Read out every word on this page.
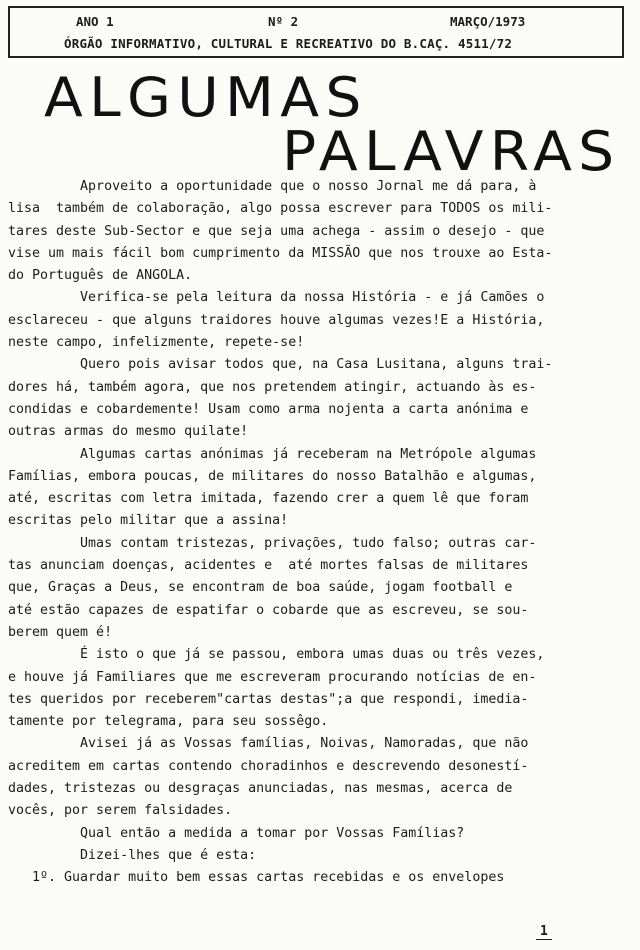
ANO 1	Nº 2	MARÇO/1973
ÓRGÃO INFORMATIVO, CULTURAL E RECREATIVO DO B.CAÇ. 4511/72
ALGUMAS
PALAVRAS
Aproveito a oportunidade que o nosso Jornal me dá para, à
lisa  também de colaboração, algo possa escrever para TODOS os mili-
tares deste Sub-Sector e que seja uma achega - assim o desejo - que
vise um mais fácil bom cumprimento da MISSÃO que nos trouxe ao Esta-
do Português de ANGOLA.
Verifica-se pela leitura da nossa História - e já Camões o
esclareceu - que alguns traidores houve algumas vezes!E a História,
neste campo, infelizmente, repete-se!
Quero pois avisar todos que, na Casa Lusitana, alguns trai-
dores há, também agora, que nos pretendem atingir, actuando às es-
condidas e cobardemente! Usam como arma nojenta a carta anónima e
outras armas do mesmo quilate!
Algumas cartas anónimas já receberam na Metrópole algumas
Famílias, embora poucas, de militares do nosso Batalhão e algumas,
até, escritas com letra imitada, fazendo crer a quem lê que foram
escritas pelo militar que a assina!
Umas contam tristezas, privações, tudo falso; outras car-
tas anunciam doenças, acidentes e  até mortes falsas de militares
que, Graças a Deus, se encontram de boa saúde, jogam football e
até estão capazes de espatifar o cobarde que as escreveu, se sou-
berem quem é!
É isto o que já se passou, embora umas duas ou três vezes,
e houve já Familiares que me escreveram procurando notícias de en-
tes queridos por receberem"cartas destas";a que respondi, imedia-
tamente por telegrama, para seu sossêgo.
Avisei já as Vossas famílias, Noivas, Namoradas, que não
acreditem em cartas contendo choradinhos e descrevendo desonestí-
dades, tristezas ou desgraças anunciadas, nas mesmas, acerca de
vocês, por serem falsidades.
Qual então a medida a tomar por Vossas Famílias?
Dizei-lhes que é esta:
1º. Guardar muito bem essas cartas recebidas e os envelopes
1
